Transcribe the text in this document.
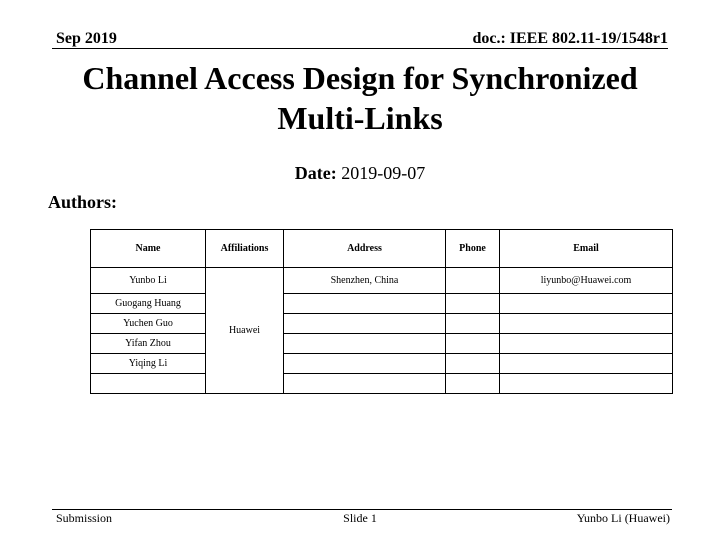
Sep 2019	doc.: IEEE 802.11-19/1548r1
Channel Access Design for Synchronized
Multi-Links
Date: 2019-09-07
Authors:
Name	Affiliations	Address	Phone	Email
Yunbo Li	Huawei	Shenzhen, China		liyunbo@Huawei.com
Guogang Huang				
Yuchen Guo				
Yifan Zhou				
Yiqing Li				

Submission	Slide 1	Yunbo Li (Huawei)
